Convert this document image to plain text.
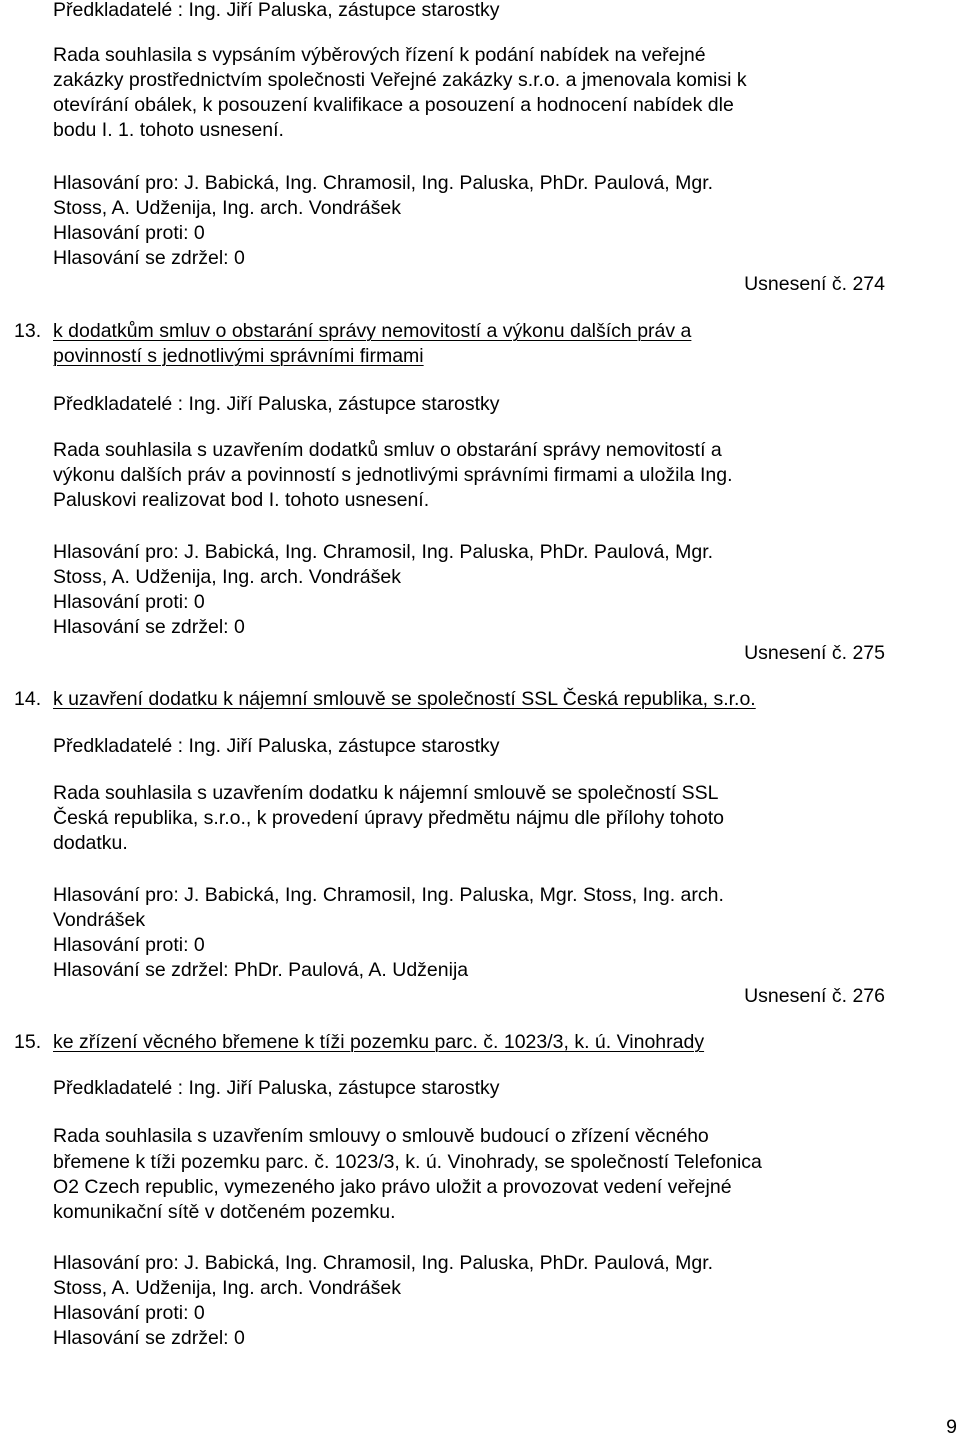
Předkladatelé : Ing. Jiří Paluska, zástupce starostky
Rada souhlasila s vypsáním výběrových řízení k podání nabídek na veřejné
zakázky prostřednictvím společnosti Veřejné zakázky s.r.o. a jmenovala komisi k
otevírání obálek, k posouzení kvalifikace a posouzení a hodnocení nabídek dle
bodu I. 1. tohoto usnesení.
Hlasování pro: J. Babická, Ing. Chramosil, Ing. Paluska, PhDr. Paulová, Mgr.
Stoss, A. Udženija, Ing. arch. Vondrášek
Hlasování proti: 0
Hlasování se zdržel: 0
Usnesení č. 274
13. k dodatkům smluv o obstarání správy nemovitostí a výkonu dalších práv a
povinností s jednotlivými správními firmami
Předkladatelé : Ing. Jiří Paluska, zástupce starostky
Rada souhlasila s uzavřením dodatků smluv o obstarání správy nemovitostí a
výkonu dalších práv a povinností s jednotlivými správními firmami a uložila Ing.
Paluskovi realizovat bod I. tohoto usnesení.
Hlasování pro: J. Babická, Ing. Chramosil, Ing. Paluska, PhDr. Paulová, Mgr.
Stoss, A. Udženija, Ing. arch. Vondrášek
Hlasování proti: 0
Hlasování se zdržel: 0
Usnesení č. 275
14. k uzavření dodatku k nájemní smlouvě se společností SSL Česká republika, s.r.o.
Předkladatelé : Ing. Jiří Paluska, zástupce starostky
Rada souhlasila s uzavřením dodatku k nájemní smlouvě se společností SSL
Česká republika, s.r.o., k provedení úpravy předmětu nájmu dle přílohy tohoto
dodatku.
Hlasování pro: J. Babická, Ing. Chramosil, Ing. Paluska, Mgr. Stoss, Ing. arch.
Vondrášek
Hlasování proti: 0
Hlasování se zdržel: PhDr. Paulová, A. Udženija
Usnesení č. 276
15. ke zřízení věcného břemene k tíži pozemku parc. č. 1023/3, k. ú. Vinohrady
Předkladatelé : Ing. Jiří Paluska, zástupce starostky
Rada souhlasila s uzavřením smlouvy o smlouvě budoucí o zřízení věcného
břemene k tíži pozemku parc. č. 1023/3, k. ú. Vinohrady, se společností Telefonica
O2 Czech republic, vymezeného jako právo uložit a provozovat vedení veřejné
komunikační sítě v dotčeném pozemku.
Hlasování pro: J. Babická, Ing. Chramosil, Ing. Paluska, PhDr. Paulová, Mgr.
Stoss, A. Udženija, Ing. arch. Vondrášek
Hlasování proti: 0
Hlasování se zdržel: 0
9
